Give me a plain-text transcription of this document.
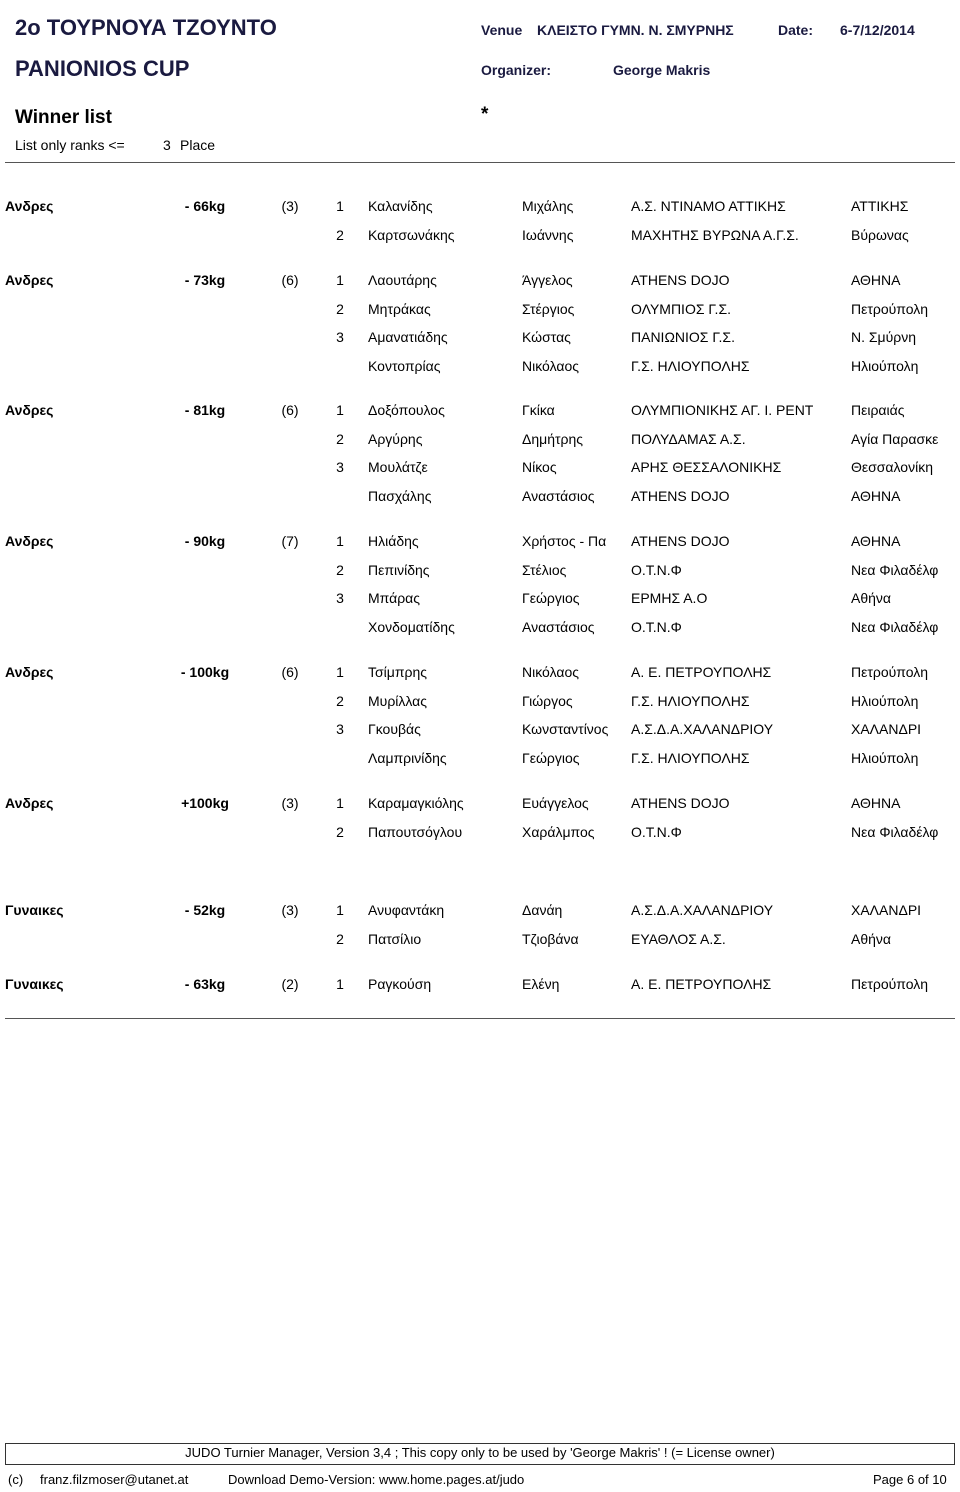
2o ΤΟΥΡΝΟΥΑ ΤΖΟΥΝΤΟ
PANIONIOS CUP
Venue ΚΛΕΙΣΤΟ ΓΥΜΝ. Ν. ΣΜΥΡΝΗΣ	Date: 6-7/12/2014
Organizer:	George Makris
Winner list	*
List only ranks <=	3 Place
Ανδρες	- 66kg	(3)	1	Καλανίδης	Μιχάλης	Α.Σ. ΝΤΙΝΑΜΟ ΑΤΤΙΚΗΣ	ΑΤΤΙΚΗΣ
2	Καρτσωνάκης	Ιωάννης	ΜΑΧΗΤΗΣ ΒΥΡΩΝΑ Α.Γ.Σ.	Βύρωνας
Ανδρες	- 73kg	(6)	1	Λαουτάρης	Άγγελος	ATHENS DOJO	ΑΘΗΝΑ
2	Μητράκας	Στέργιος	ΟΛΥΜΠΙΟΣ Γ.Σ.	Πετρούπολη
3	Αμανατιάδης	Κώστας	ΠΑΝΙΩΝΙΟΣ Γ.Σ.	Ν. Σμύρνη
Κοντοπρίας	Νικόλαος	Γ.Σ. ΗΛΙΟΥΠΟΛΗΣ	Ηλιούπολη
Ανδρες	- 81kg	(6)	1	Δοξόπουλος	Γκίκα	ΟΛΥΜΠΙΟΝΙΚΗΣ ΑΓ. Ι. ΡΕΝΤ	Πειραιάς
2	Αργύρης	Δημήτρης	ΠΟΛΥΔΑΜΑΣ Α.Σ.	Αγία Παρασκε
3	Μουλάτζε	Νίκος	ΑΡΗΣ ΘΕΣΣΑΛΟΝΙΚΗΣ	Θεσσαλονίκη
Πασχάλης	Αναστάσιος	ATHENS DOJO	ΑΘΗΝΑ
Ανδρες	- 90kg	(7)	1	Ηλιάδης	Χρήστος - Πα	ATHENS DOJO	ΑΘΗΝΑ
2	Πεπινίδης	Στέλιος	Ο.Τ.Ν.Φ	Νεα Φιλαδέλφ
3	Μπάρας	Γεώργιος	ΕΡΜΗΣ Α.Ο	Αθήνα
Χονδοματίδης	Αναστάσιος	Ο.Τ.Ν.Φ	Νεα Φιλαδέλφ
Ανδρες	- 100kg	(6)	1	Τσίμπρης	Νικόλαος	Α. Ε. ΠΕΤΡΟΥΠΟΛΗΣ	Πετρούπολη
2	Μυρίλλας	Γιώργος	Γ.Σ. ΗΛΙΟΥΠΟΛΗΣ	Ηλιούπολη
3	Γκουβάς	Κωνσταντίνος	Α.Σ.Δ.Α.ΧΑΛΑΝΔΡΙΟΥ	ΧΑΛΑΝΔΡΙ
Λαμπρινίδης	Γεώργιος	Γ.Σ. ΗΛΙΟΥΠΟΛΗΣ	Ηλιούπολη
Ανδρες	+100kg	(3)	1	Καραμαγκιόλης	Ευάγγελος	ATHENS DOJO	ΑΘΗΝΑ
2	Παπουτσόγλου	Χαράλμπος	Ο.Τ.Ν.Φ	Νεα Φιλαδέλφ
Γυναικες	- 52kg	(3)	1	Ανυφαντάκη	Δανάη	Α.Σ.Δ.Α.ΧΑΛΑΝΔΡΙΟΥ	ΧΑΛΑΝΔΡΙ
2	Πατσίλιο	Τζιοβάνα	ΕΥΑΘΛΟΣ Α.Σ.	Αθήνα
Γυναικες	- 63kg	(2)	1	Ραγκούση	Ελένη	Α. Ε. ΠΕΤΡΟΥΠΟΛΗΣ	Πετρούπολη
JUDO Turnier Manager, Version 3,4 ; This copy only to be used by 'George Makris' ! (= License owner)
(c) franz.filzmoser@utanet.at	Download Demo-Version: www.home.pages.at/judo	Page 6 of 10
